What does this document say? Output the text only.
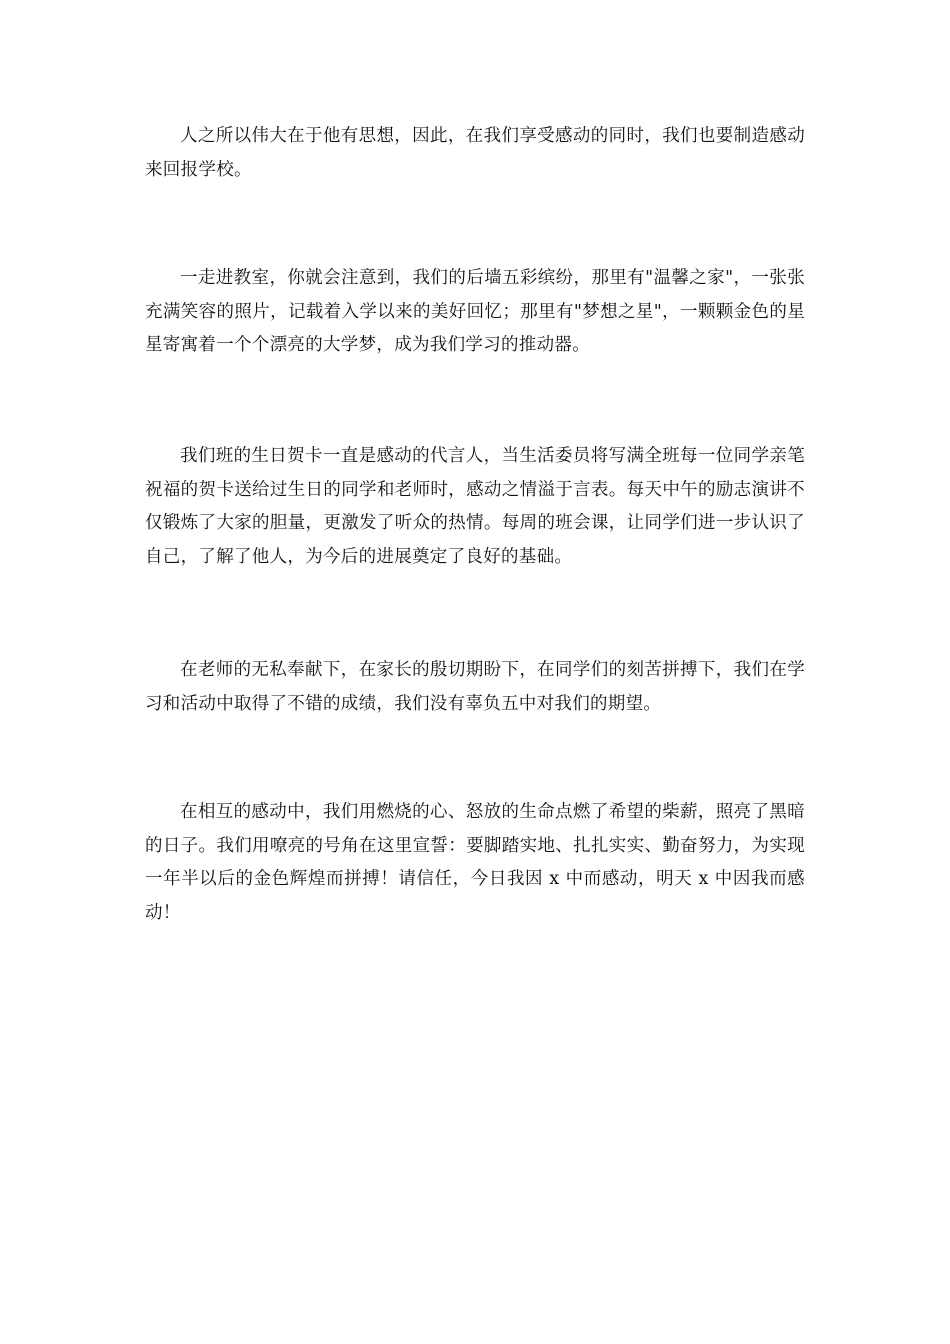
人之所以伟大在于他有思想，因此，在我们享受感动的同时，我们也要制造感动来回报学校。

一走进教室，你就会注意到，我们的后墙五彩缤纷，那里有"温馨之家"，一张张充满笑容的照片，记载着入学以来的美好回忆；那里有"梦想之星"，一颗颗金色的星星寄寓着一个个漂亮的大学梦，成为我们学习的推动器。

我们班的生日贺卡一直是感动的代言人，当生活委员将写满全班每一位同学亲笔祝福的贺卡送给过生日的同学和老师时，感动之情溢于言表。每天中午的励志演讲不仅锻炼了大家的胆量，更激发了听众的热情。每周的班会课，让同学们进一步认识了自己，了解了他人，为今后的进展奠定了良好的基础。

在老师的无私奉献下，在家长的殷切期盼下，在同学们的刻苦拼搏下，我们在学习和活动中取得了不错的成绩，我们没有辜负五中对我们的期望。

在相互的感动中，我们用燃烧的心、怒放的生命点燃了希望的柴薪，照亮了黑暗的日子。我们用嘹亮的号角在这里宣誓：要脚踏实地、扎扎实实、勤奋努力，为实现一年半以后的金色辉煌而拼搏！请信任，今日我因 x 中而感动，明天 x 中因我而感动！
